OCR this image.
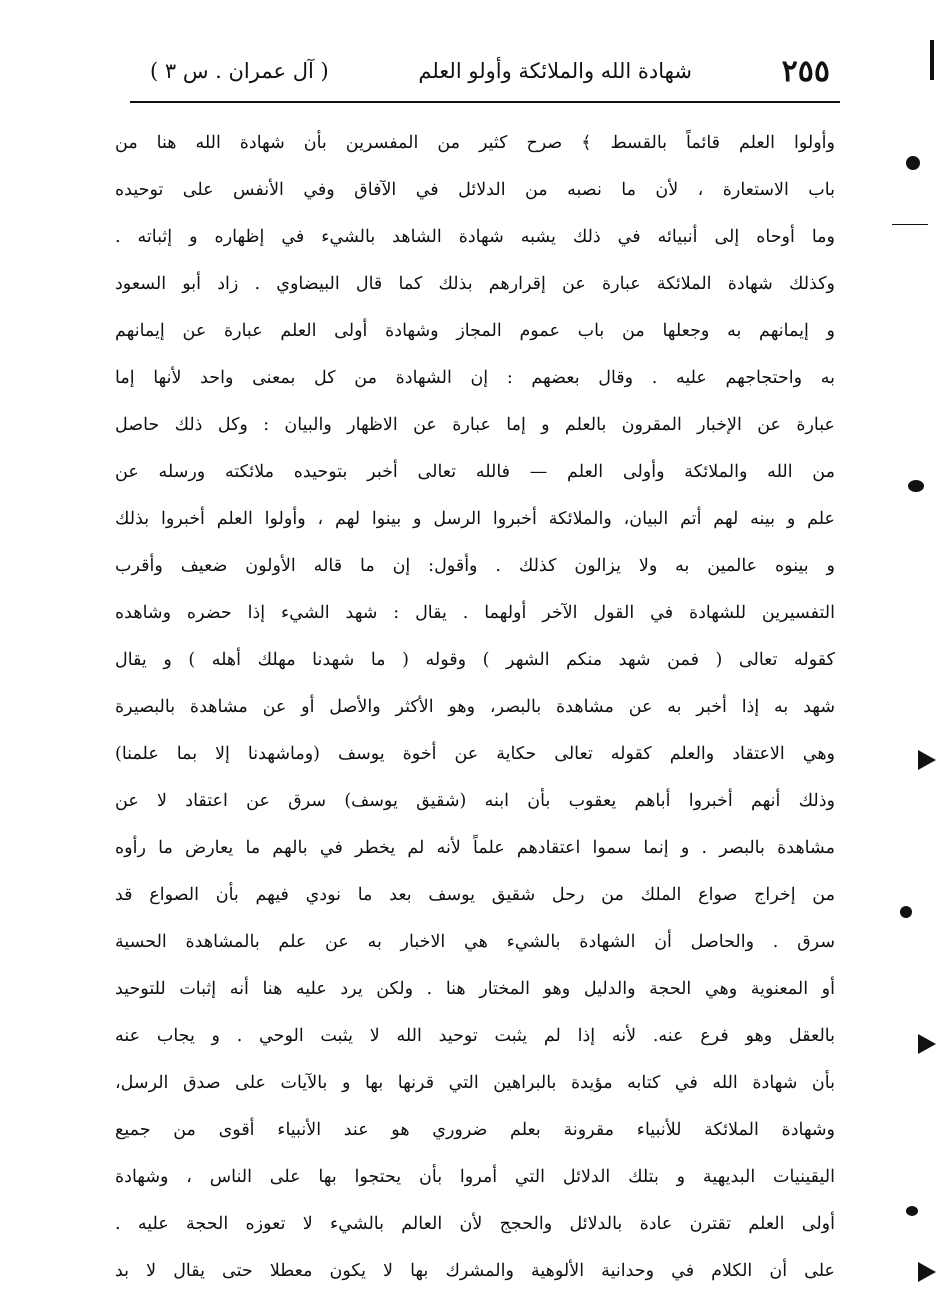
( آل عمران . س ٣ )	شهادة الله والملائكة وأولو العلم	٢٥٥
وأولوا العلم قائماً بالقسط ﴾ صرح كثير من المفسرين بأن شهادة الله هنا من
باب الاستعارة ، لأن ما نصبه من الدلائل في الآفاق وفي الأنفس على توحيده
وما أوحاه إلى أنبيائه في ذلك يشبه شهادة الشاهد بالشيء في إظهاره و إثباته .
وكذلك شهادة الملائكة عبارة عن إقرارهم بذلك كما قال البيضاوي . زاد أبو السعود
و إيمانهم به وجعلها من باب عموم المجاز وشهادة أولى العلم عبارة عن إيمانهم
به واحتجاجهم عليه . وقال بعضهم : إن الشهادة من كل بمعنى واحد لأنها إما
عبارة عن الإخبار المقرون بالعلم و إما عبارة عن الاظهار والبيان : وكل ذلك حاصل
من الله والملائكة وأولى العلم — فالله تعالى أخبر بتوحيده ملائكته ورسله عن
علم و بينه لهم أتم البيان، والملائكة أخبروا الرسل و بينوا لهم ، وأولوا العلم أخبروا بذلك
و بينوه عالمين به ولا يزالون كذلك . وأقول: إن ما قاله الأولون ضعيف وأقرب
التفسيرين للشهادة في القول الآخر أولهما . يقال : شهد الشيء إذا حضره وشاهده
كقوله تعالى ( فمن شهد منكم الشهر ) وقوله ( ما شهدنا مهلك أهله ) و يقال
شهد به إذا أخبر به عن مشاهدة بالبصر، وهو الأكثر والأصل أو عن مشاهدة بالبصيرة
وهي الاعتقاد والعلم كقوله تعالى حكاية عن أخوة يوسف (وماشهدنا إلا بما علمنا)
وذلك أنهم أخبروا أباهم يعقوب بأن ابنه (شقيق يوسف) سرق عن اعتقاد لا عن
مشاهدة بالبصر . و إنما سموا اعتقادهم علماً لأنه لم يخطر في بالهم ما يعارض ما رأوه
من إخراج صواع الملك من رحل شقيق يوسف بعد ما نودي فيهم بأن الصواع قد
سرق . والحاصل أن الشهادة بالشيء هي الاخبار به عن علم بالمشاهدة الحسية
أو المعنوية وهي الحجة والدليل وهو المختار هنا . ولكن يرد عليه هنا أنه إثبات للتوحيد
بالعقل وهو فرع عنه. لأنه إذا لم يثبت توحيد الله لا يثبت الوحي . و يجاب عنه
بأن شهادة الله في كتابه مؤيدة بالبراهين التي قرنها بها و بالآيات على صدق الرسل،
وشهادة الملائكة للأنبياء مقرونة بعلم ضروري هو عند الأنبياء أقوى من جميع
اليقينيات البديهية و بتلك الدلائل التي أمروا بأن يحتجوا بها على الناس ، وشهادة
أولى العلم تقترن عادة بالدلائل والحجج لأن العالم بالشيء لا تعوزه الحجة عليه .
على أن الكلام في وحدانية الألوهية والمشرك بها لا يكون معطلا حتى يقال لا بد
